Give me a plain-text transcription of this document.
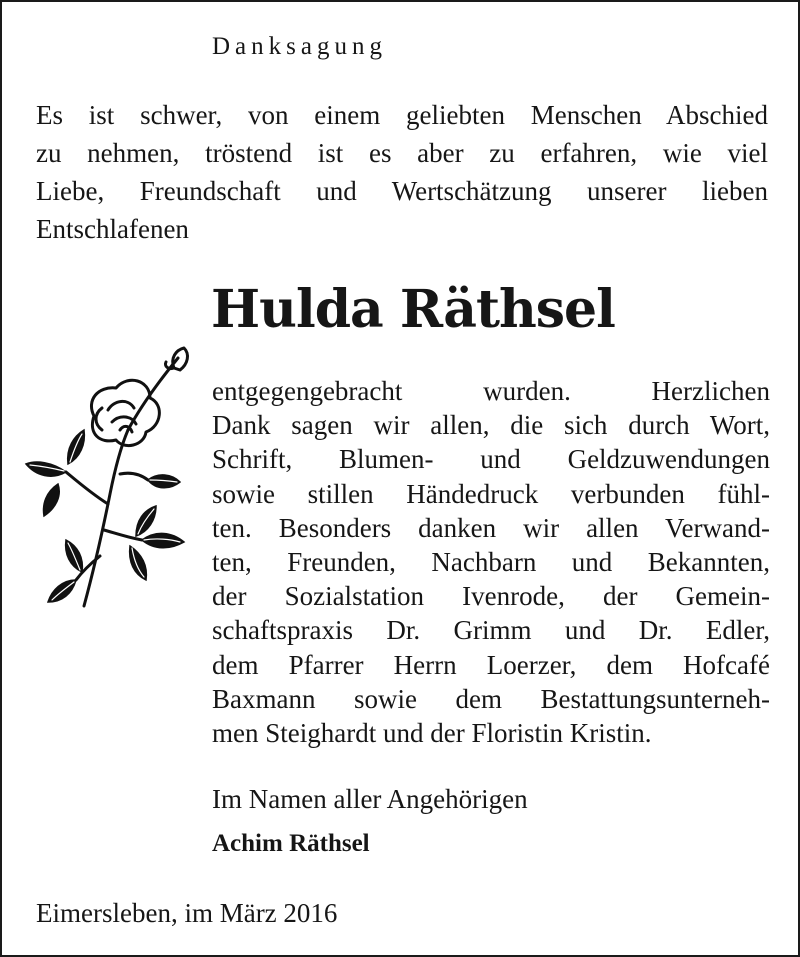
Danksagung
Es ist schwer, von einem geliebten Menschen Abschied
zu nehmen, tröstend ist es aber zu erfahren, wie viel
Liebe, Freundschaft und Wertschätzung unserer lieben
Entschlafenen
Hulda Räthsel
entgegengebracht wurden. Herzlichen
Dank sagen wir allen, die sich durch Wort,
Schrift, Blumen- und Geldzuwendungen
sowie stillen Händedruck verbunden fühl-
ten. Besonders danken wir allen Verwand-
ten, Freunden, Nachbarn und Bekannten,
der Sozialstation Ivenrode, der Gemein-
schaftspraxis Dr. Grimm und Dr. Edler,
dem Pfarrer Herrn Loerzer, dem Hofcafé
Baxmann sowie dem Bestattungsunterneh-
men Steighardt und der Floristin Kristin.
Im Namen aller Angehörigen
Achim Räthsel
Eimersleben, im März 2016
